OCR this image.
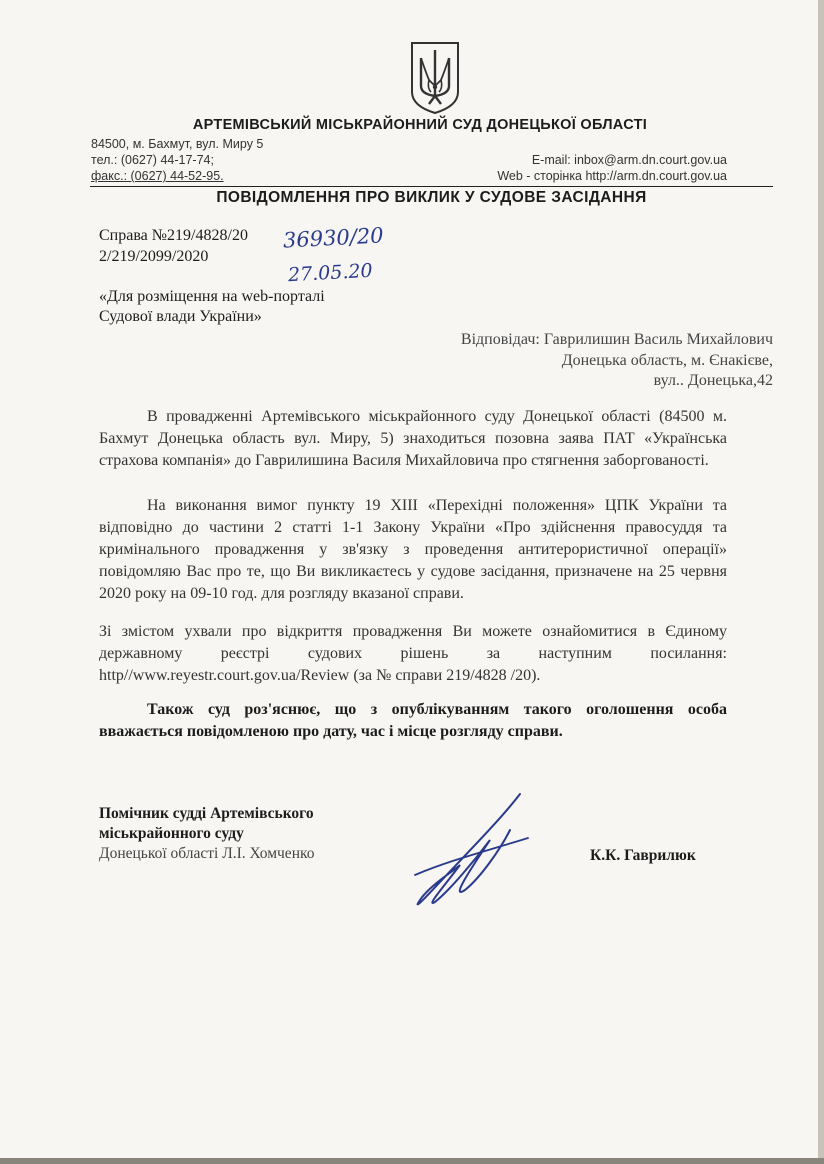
АРТЕМІВСЬКИЙ МІСЬКРАЙОННИЙ СУД ДОНЕЦЬКОЇ ОБЛАСТІ
84500, м. Бахмут, вул. Миру 5
тел.: (0627) 44-17-74;
факс.: (0627) 44-52-95.
E-mail: inbox@arm.dn.court.gov.ua
Web - сторінка http://arm.dn.court.gov.ua
ПОВІДОМЛЕННЯ ПРО ВИКЛИК У СУДОВЕ ЗАСІДАННЯ
Справа №219/4828/20
2/219/2099/2020
36930/20
27.05.20
«Для розміщення на web-порталі
Судової влади України»
Відповідач: Гаврилишин Василь Михайлович
Донецька область, м. Єнакієве,
вул.. Донецька,42

В провадженні Артемівського міськрайонного суду Донецької області (84500 м. Бахмут Донецька область вул. Миру, 5) знаходиться позовна заява ПАТ «Українська страхова компанія» до Гаврилишина Василя Михайловича про стягнення заборгованості.

На виконання вимог пункту 19 XIII «Перехідні положення» ЦПК України та відповідно до частини 2 статті 1-1 Закону України «Про здійснення правосуддя та кримінального провадження у зв'язку з проведення антитерористичної операції» повідомляю Вас про те, що Ви викликаєтесь у судове засідання, призначене на 25 червня 2020 року на 09-10 год. для розгляду вказаної справи.

Зі змістом ухвали про відкриття провадження Ви можете ознайомитися в Єдиному державному реєстрі судових рішень за наступним посилання: http//www.reyestr.court.gov.ua/Review (за № справи 219/4828 /20).

Також суд роз'яснює, що з опублікуванням такого оголошення особа вважається повідомленою про дату, час і місце розгляду справи.

Помічник судді Артемівського
міськрайонного суду
Донецької області Л.І. Хомченко	К.К. Гаврилюк
